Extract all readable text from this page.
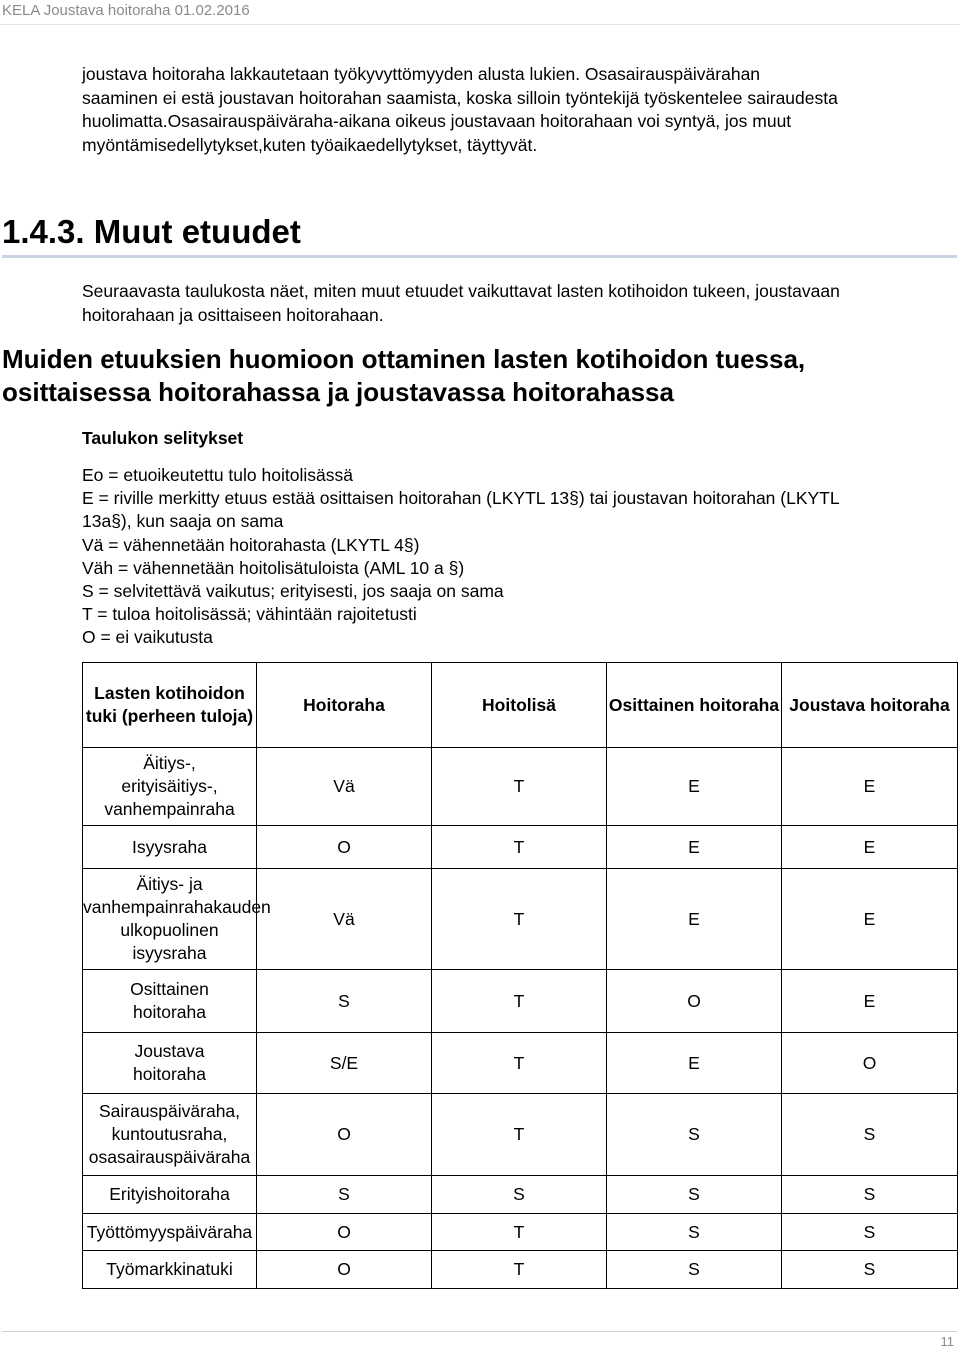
KELA Joustava hoitoraha 01.02.2016

joustava hoitoraha lakkautetaan työkyvyttömyyden alusta lukien. Osasairauspäivärahan
saaminen ei estä joustavan hoitorahan saamista, koska silloin työntekijä työskentelee sairaudesta
huolimatta.Osasairauspäiväraha-aikana oikeus joustavaan hoitorahaan voi syntyä, jos muut
myöntämisedellytykset,kuten työaikaedellytykset, täyttyvät.

1.4.3. Muut etuudet

Seuraavasta taulukosta näet, miten muut etuudet vaikuttavat lasten kotihoidon tukeen, joustavaan
hoitorahaan ja osittaiseen hoitorahaan.

Muiden etuuksien huomioon ottaminen lasten kotihoidon tuessa,
osittaisessa hoitorahassa ja joustavassa hoitorahassa

Taulukon selitykset

Eo = etuoikeutettu tulo hoitolisässä
E = riville merkitty etuus estää osittaisen hoitorahan (LKYTL 13§) tai joustavan hoitorahan (LKYTL
13a§), kun saaja on sama
Vä = vähennetään hoitorahasta (LKYTL 4§)
Väh = vähennetään hoitolisätuloista (AML 10 a §)
S = selvitettävä vaikutus; erityisesti, jos saaja on sama
T = tuloa hoitolisässä; vähintään rajoitetusti
O = ei vaikutusta
Lasten kotihoidon tuki (perheen tuloja)	Hoitoraha	Hoitolisä	Osittainen hoitoraha	Joustava hoitoraha
Äitiys-,
erityisäitiys-,
vanhempainraha	Vä	T	E	E
Isyysraha	O	T	E	E
Äitiys- ja
vanhempainrahakauden
ulkopuolinen
isyysraha	Vä	T	E	E
Osittainen
hoitoraha	S	T	O	E
Joustava
hoitoraha	S/E	T	E	O
Sairauspäiväraha,
kuntoutusraha,
osasairauspäiväraha	O	T	S	S
Erityishoitoraha	S	S	S	S
Työttömyyspäiväraha	O	T	S	S
Työmarkkinatuki	O	T	S	S
11
